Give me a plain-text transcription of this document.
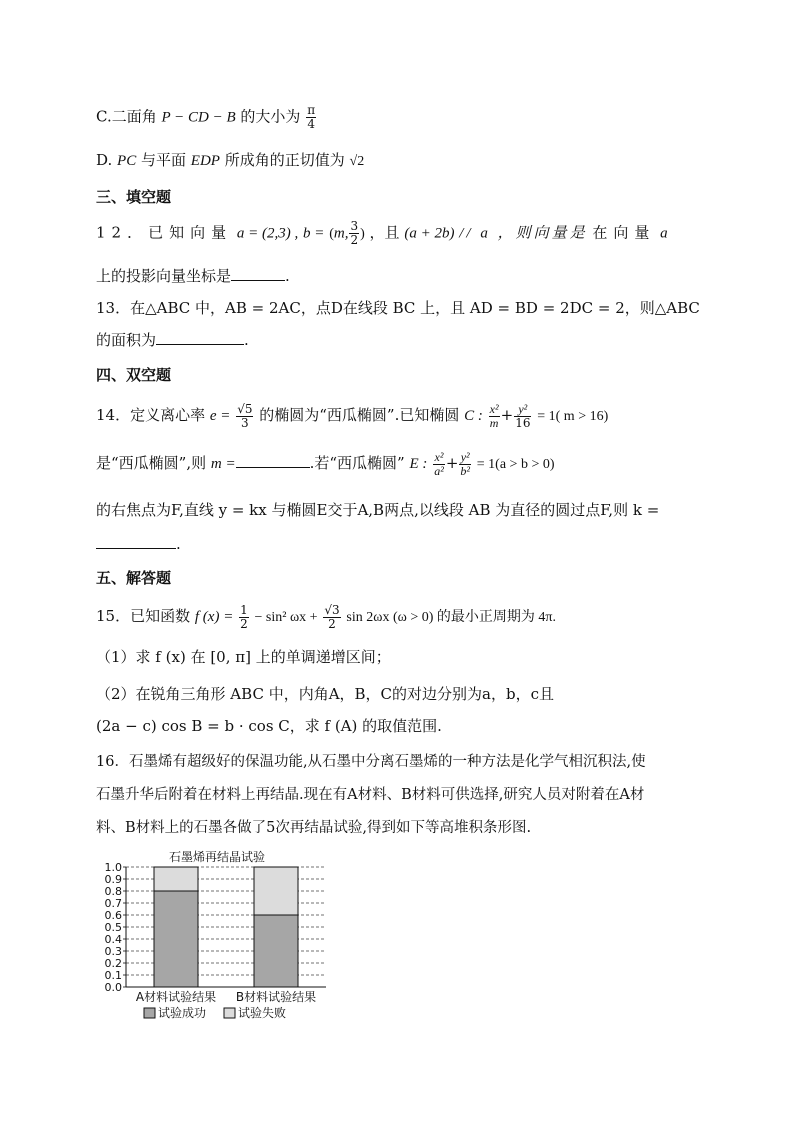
C.二面角 P − CD − B 的大小为 $\frac{\pi}{4}$
D. PC 与平面 EDP 所成角的正切值为 √2
三、填空题
12．已知向量 a = (2,3) , b = (m, $\frac{3}{2}$ ) ，且 (a + 2b) // a ，则向量是 在向量 a
上的投影向量坐标是	.
13．在△ABC 中，AB = 2AC，点D在线段 BC 上，且 AD = BD = 2DC = 2，则△ABC
的面积为	.
四、双空题
14．定义离心率 $e = \frac{√5}{3}$ 的椭圆为“西瓜椭圆”.已知椭圆 C : $\frac{\text{x²}}{m} + \frac{\text{y²}}{16} = 1$( m > 16)
是“西瓜椭圆”,则 m =	.若“西瓜椭圆” E : $\frac{\text{x²}}{\text{a²}} + \frac{\text{y²}}{\text{b²}} = 1(a > b > 0)$
的右焦点为F,直线 y = kx 与椭圆E交于A,B两点,以线段 AB 为直径的圆过点F,则 k =
.
五、解答题
15．已知函数 f $(x) = \frac{1}{2} - \sin^2$ $\omega x + \frac{√3}{2}$ sin 2ωx (ω > 0) 的最小正周期为 4π.
（1）求 f (x) 在 [0, π] 上的单调递增区间；
（2）在锐角三角形 ABC 中，内角A，B，C的对边分别为a，b，c且
(2a − c) cos B = b · cos C，求 f (A) 的取值范围.
16．石墨烯有超级好的保温功能,从石墨中分离石墨烯的一种方法是化学气相沉积法,使
石墨升华后附着在材料上再结晶.现在有A材料、B材料可供选择,研究人员对附着在A材
料、B材料上的石墨各做了5次再结晶试验,得到如下等高堆积条形图.
石墨烯再结晶试验
0.0
0.1
0.2
0.3
0.4
0.5
0.6
0.7
0.8
0.9
1.0
A材料试验结果 B材料试验结果
试验成功	试验失败
